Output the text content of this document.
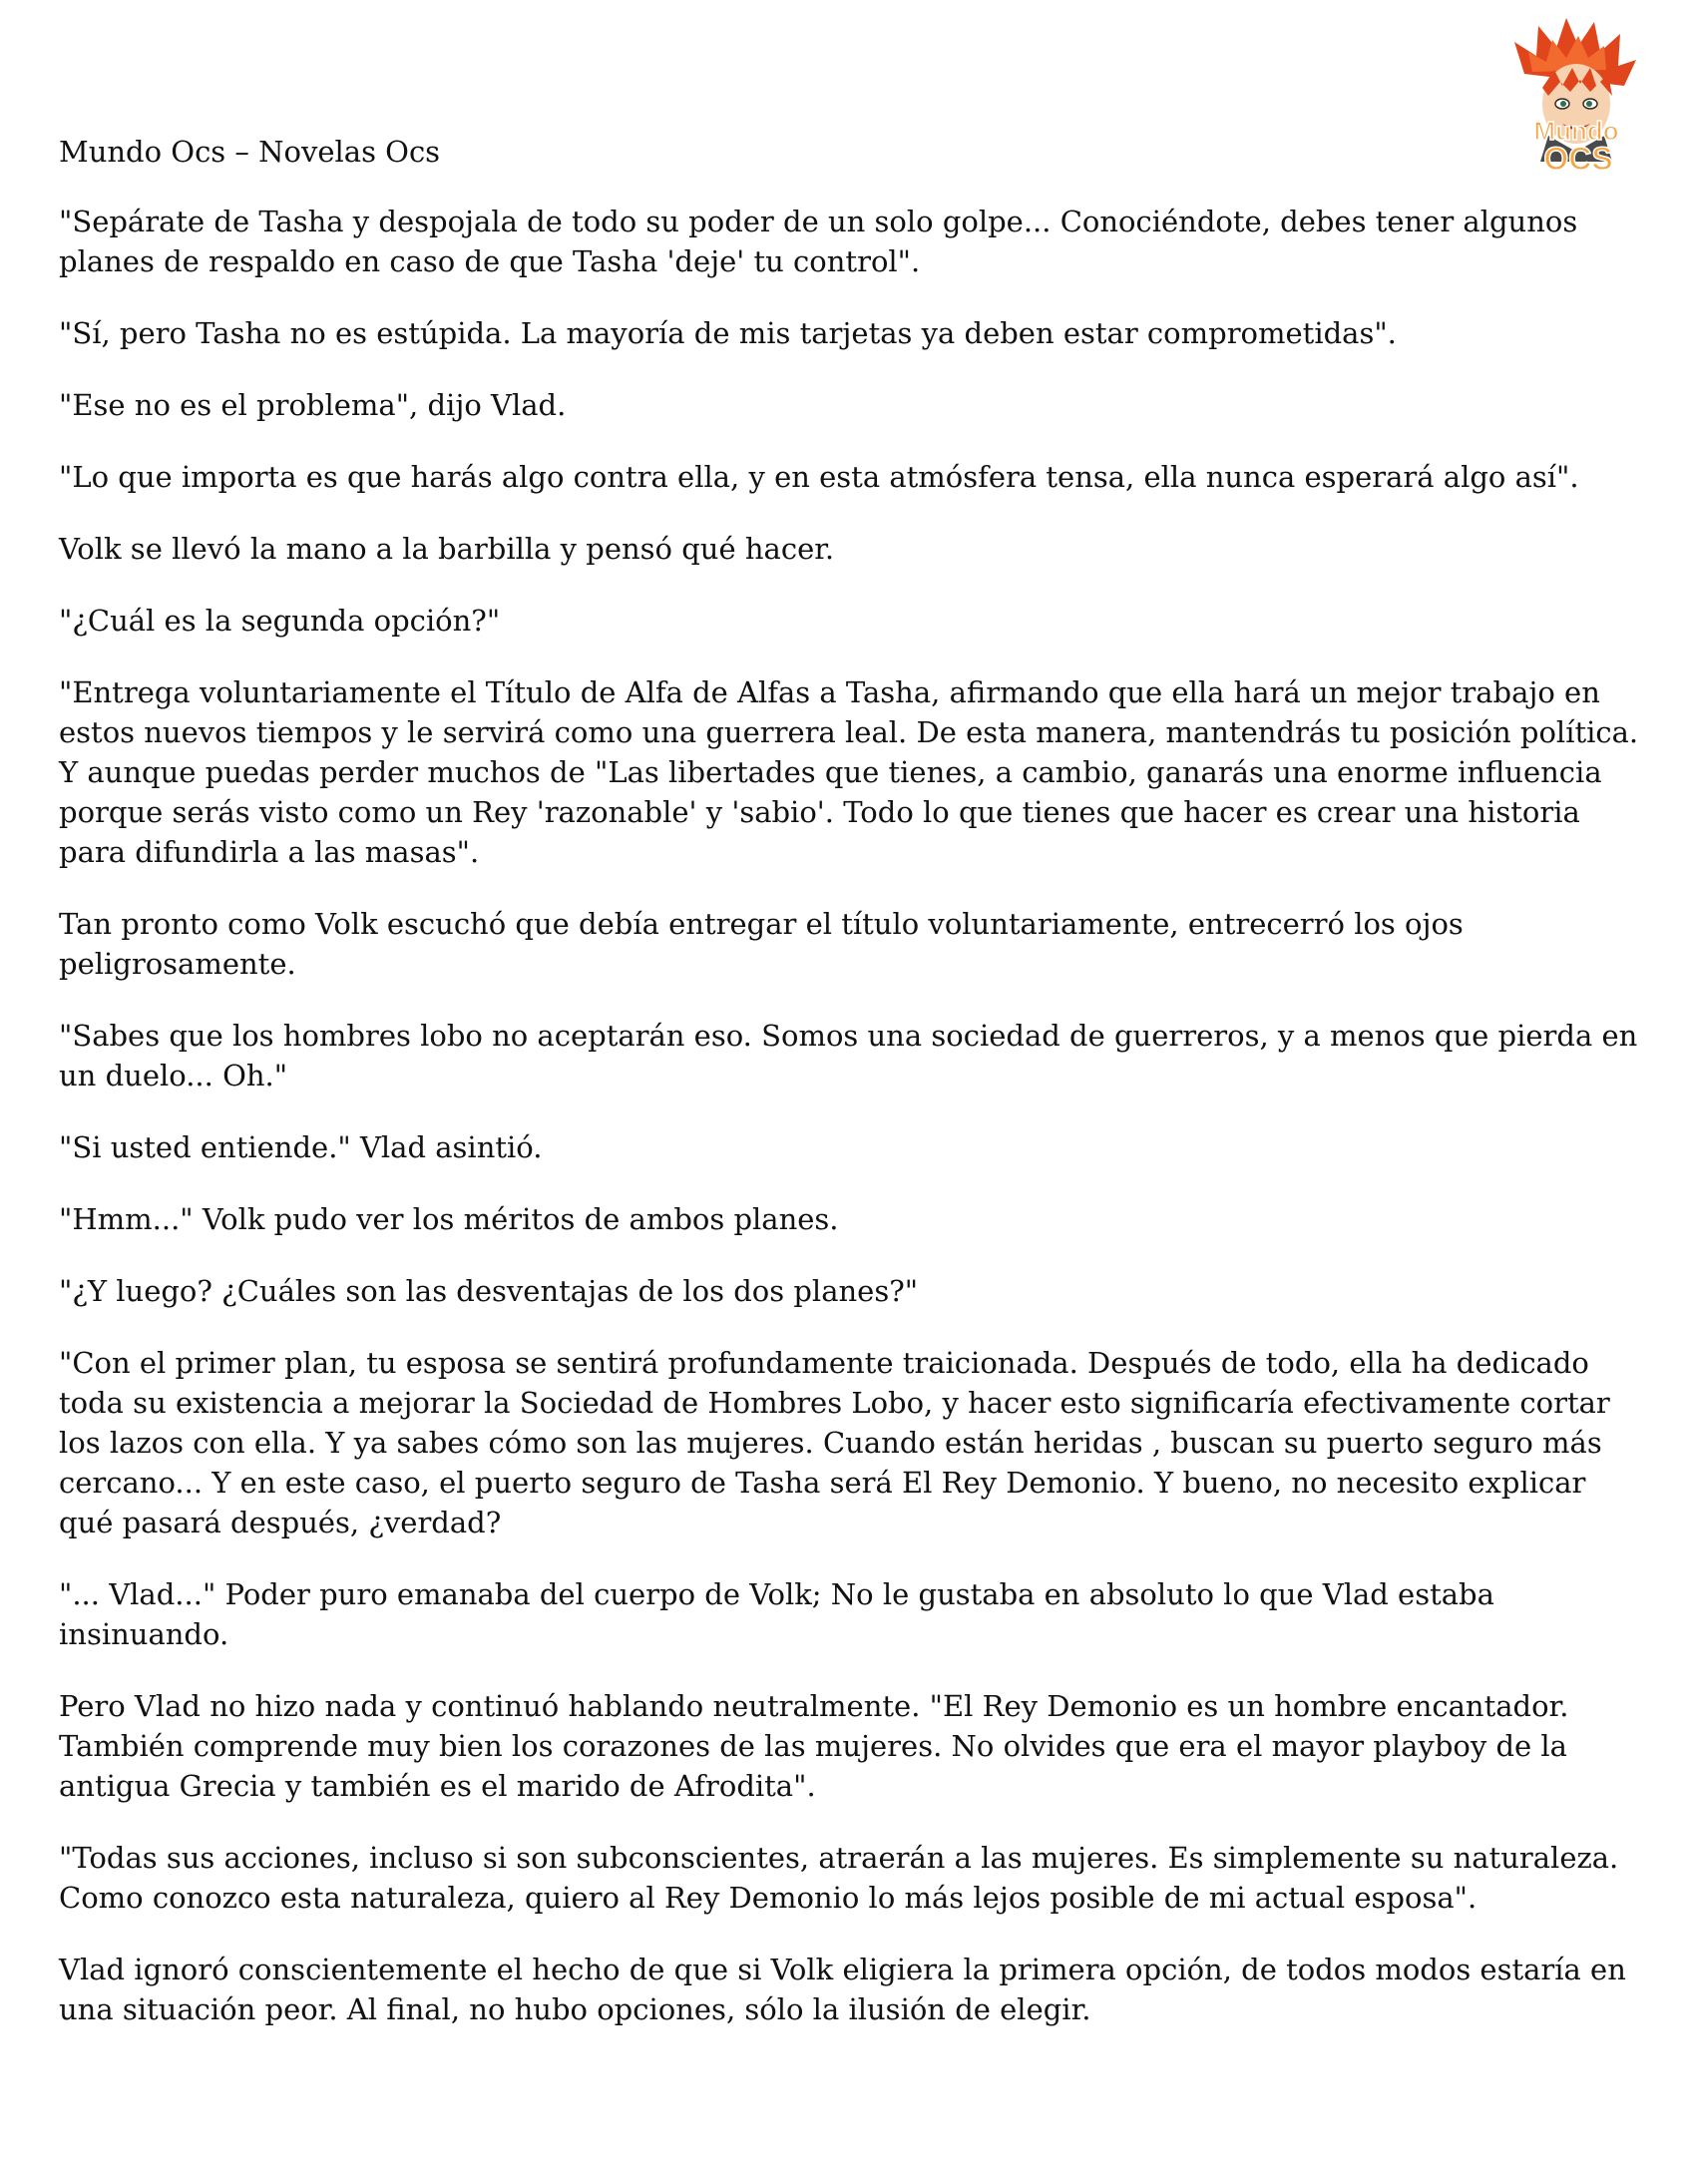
Mundo
OCS

Mundo Ocs – Novelas Ocs

"Sepárate de Tasha y despojala de todo su poder de un solo golpe... Conociéndote, debes tener algunos planes de respaldo en caso de que Tasha 'deje' tu control".

"Sí, pero Tasha no es estúpida. La mayoría de mis tarjetas ya deben estar comprometidas".

"Ese no es el problema", dijo Vlad.

"Lo que importa es que harás algo contra ella, y en esta atmósfera tensa, ella nunca esperará algo así".

Volk se llevó la mano a la barbilla y pensó qué hacer.

"¿Cuál es la segunda opción?"

"Entrega voluntariamente el Título de Alfa de Alfas a Tasha, afirmando que ella hará un mejor trabajo en estos nuevos tiempos y le servirá como una guerrera leal. De esta manera, mantendrás tu posición política. Y aunque puedas perder muchos de "Las libertades que tienes, a cambio, ganarás una enorme influencia porque serás visto como un Rey 'razonable' y 'sabio'. Todo lo que tienes que hacer es crear una historia para difundirla a las masas".

Tan pronto como Volk escuchó que debía entregar el título voluntariamente, entrecerró los ojos peligrosamente.

"Sabes que los hombres lobo no aceptarán eso. Somos una sociedad de guerreros, y a menos que pierda en un duelo... Oh."

"Si usted entiende." Vlad asintió.

"Hmm..." Volk pudo ver los méritos de ambos planes.

"¿Y luego? ¿Cuáles son las desventajas de los dos planes?"

"Con el primer plan, tu esposa se sentirá profundamente traicionada. Después de todo, ella ha dedicado toda su existencia a mejorar la Sociedad de Hombres Lobo, y hacer esto significaría efectivamente cortar los lazos con ella. Y ya sabes cómo son las mujeres. Cuando están heridas , buscan su puerto seguro más cercano... Y en este caso, el puerto seguro de Tasha será El Rey Demonio. Y bueno, no necesito explicar qué pasará después, ¿verdad?

"... Vlad..." Poder puro emanaba del cuerpo de Volk; No le gustaba en absoluto lo que Vlad estaba insinuando.

Pero Vlad no hizo nada y continuó hablando neutralmente. "El Rey Demonio es un hombre encantador. También comprende muy bien los corazones de las mujeres. No olvides que era el mayor playboy de la antigua Grecia y también es el marido de Afrodita".

"Todas sus acciones, incluso si son subconscientes, atraerán a las mujeres. Es simplemente su naturaleza. Como conozco esta naturaleza, quiero al Rey Demonio lo más lejos posible de mi actual esposa".

Vlad ignoró conscientemente el hecho de que si Volk eligiera la primera opción, de todos modos estaría en una situación peor. Al final, no hubo opciones, sólo la ilusión de elegir.
